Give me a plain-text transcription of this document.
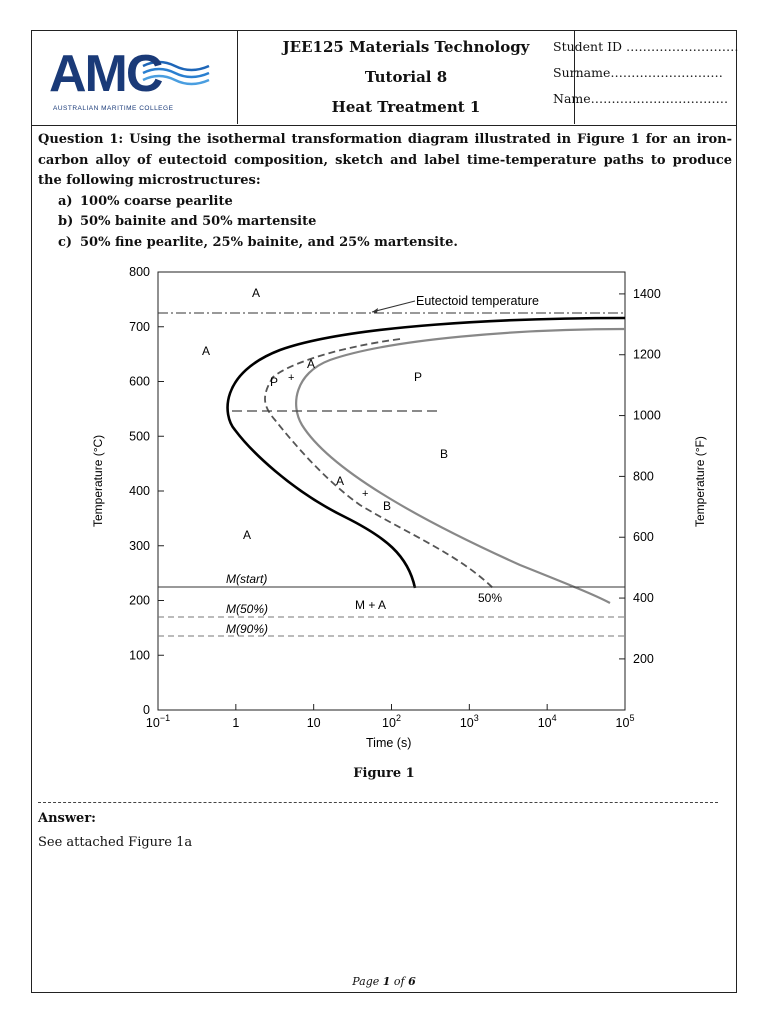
AMC
AUSTRALIAN MARITIME COLLEGE
JEE125 Materials Technology
Tutorial 8
Heat Treatment 1
Student ID ………………………
Surname………………………
Name……………………………
Question 1: Using the isothermal transformation diagram illustrated in Figure 1 for an iron-carbon alloy of eutectoid composition, sketch and label time-temperature paths to produce the following microstructures:
a) 100% coarse pearlite
b) 50% bainite and 50% martensite
c) 50% fine pearlite, 25% bainite, and 25% martensite.
0
100
200
300
400
500
600
700
800
200
400
600
800
1000
1200
1400
$10^{-1}$	1	10	$10^2$	$10^3$	$10^4$	$10^5$
Eutectoid temperature
M(start)
M(50%)
M(90%)
A
A
A
P	P
B
A
B
A
M + A	50%
+
+
Temperature (°C)	Temperature (°F)
Time (s)
Figure 1
Answer:
See attached Figure 1a
Page 1 of 6
